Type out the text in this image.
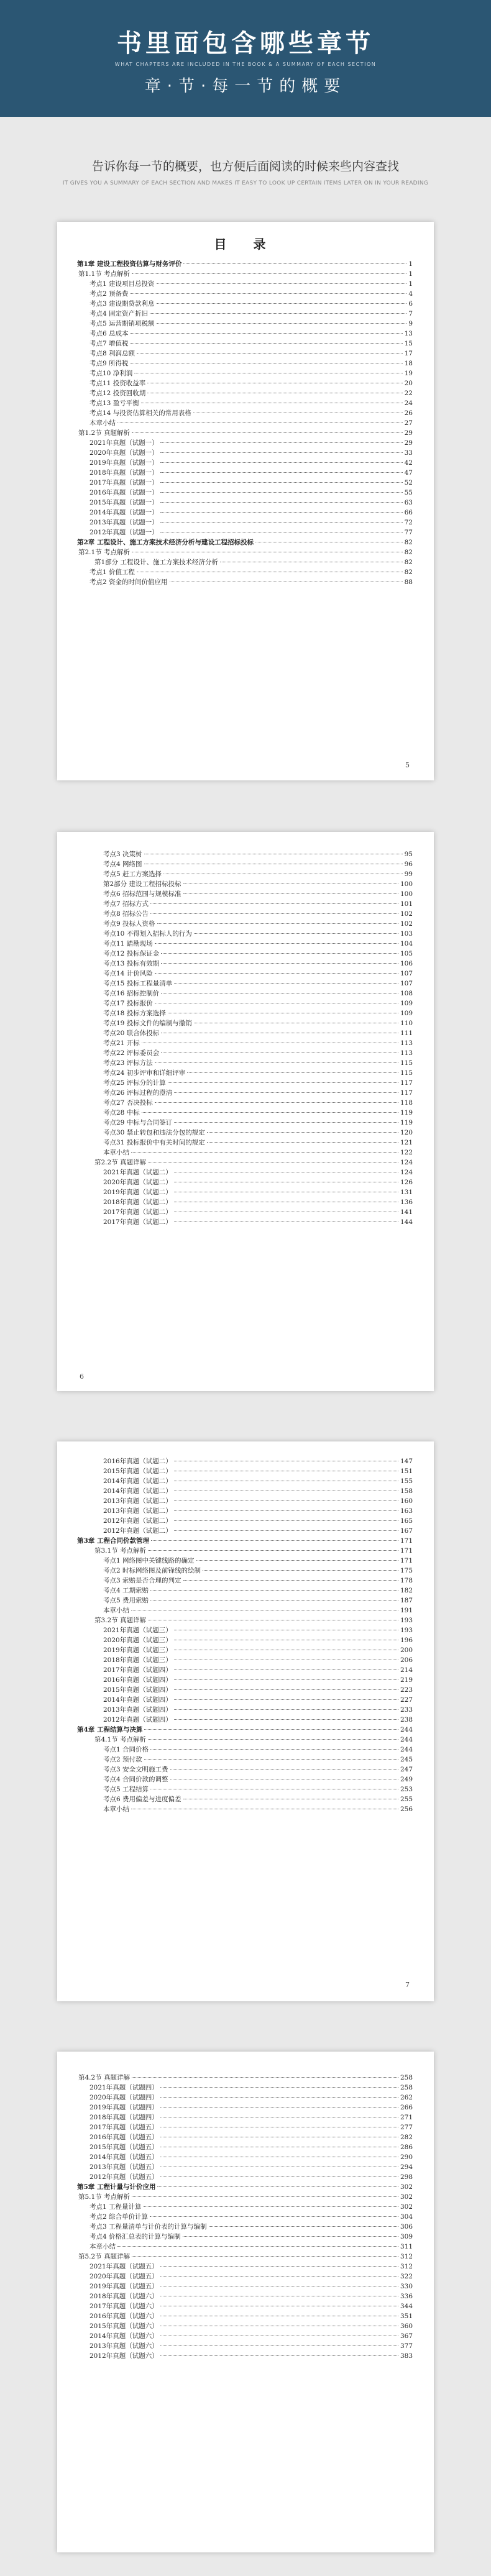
书里面包含哪些章节
WHAT CHAPTERS ARE INCLUDED IN THE BOOK & A SUMMARY OF EACH SECTION
章·节·每一节的概要
告诉你每一节的概要，也方便后面阅读的时候来些内容查找
IT GIVES YOU A SUMMARY OF EACH SECTION AND MAKES IT EASY TO LOOK UP CERTAIN ITEMS LATER ON IN YOUR READING
目 录
第1章 建设工程投资估算与财务评价	1
第1.1节 考点解析	1
考点1 建设项目总投资	1
考点2 预备费	4
考点3 建设期贷款利息	6
考点4 固定资产折旧	7
考点5 运营期销项税额	9
考点6 总成本	13
考点7 增值税	15
考点8 利润总额	17
考点9 所得税	18
考点10 净利润	19
考点11 投资收益率	20
考点12 投资回收期	22
考点13 盈亏平衡	24
考点14 与投资估算相关的常用表格	26
本章小结	27
第1.2节 真题解析	29
2021年真题（试题一）	29
2020年真题（试题一）	33
2019年真题（试题一）	42
2018年真题（试题一）	47
2017年真题（试题一）	52
2016年真题（试题一）	55
2015年真题（试题一）	63
2014年真题（试题一）	66
2013年真题（试题一）	72
2012年真题（试题一）	77
第2章 工程设计、施工方案技术经济分析与建设工程招标投标	82
第2.1节 考点解析	82
第1部分 工程设计、施工方案技术经济分析	82
考点1 价值工程	82
考点2 资金的时间价值应用	88
5
考点3 决策树	95
考点4 网络图	96
考点5 赶工方案选择	99
第2部分 建设工程招标投标	100
考点6 招标范围与规模标准	100
考点7 招标方式	101
考点8 招标公告	102
考点9 投标人资格	102
考点10 不得划入招标人的行为	103
考点11 踏勘现场	104
考点12 投标保证金	105
考点13 投标有效期	106
考点14 计价风险	107
考点15 投标工程量清单	107
考点16 招标控制价	108
考点17 投标报价	109
考点18 投标方案选择	109
考点19 投标文件的编制与撤销	110
考点20 联合体投标	111
考点21 开标	113
考点22 评标委员会	113
考点23 评标方法	115
考点24 初步评审和详细评审	115
考点25 评标分的计算	117
考点26 评标过程的澄清	117
考点27 否决投标	118
考点28 中标	119
考点29 中标与合同签订	119
考点30 禁止转包和违法分包的规定	120
考点31 投标报价中有关时间的规定	121
本章小结	122
第2.2节 真题详解	124
2021年真题（试题二）	124
2020年真题（试题二）	126
2019年真题（试题二）	131
2018年真题（试题二）	136
2017年真题（试题二）	141
2017年真题（试题二）	144
6
2016年真题（试题二）	147
2015年真题（试题二）	151
2014年真题（试题二）	155
2014年真题（试题二）	158
2013年真题（试题二）	160
2013年真题（试题二）	163
2012年真题（试题二）	165
2012年真题（试题二）	167
第3章 工程合同价款管理	171
第3.1节 考点解析	171
考点1 网络图中关键线路的确定	171
考点2 时标网络图及前锋线的绘制	175
考点3 索赔是否合理的判定	178
考点4 工期索赔	182
考点5 费用索赔	187
本章小结	191
第3.2节 真题详解	193
2021年真题（试题三）	193
2020年真题（试题三）	196
2019年真题（试题三）	200
2018年真题（试题三）	206
2017年真题（试题四）	214
2016年真题（试题四）	219
2015年真题（试题四）	223
2014年真题（试题四）	227
2013年真题（试题四）	233
2012年真题（试题四）	238
第4章 工程结算与决算	244
第4.1节 考点解析	244
考点1 合同价格	244
考点2 预付款	245
考点3 安全文明施工费	247
考点4 合同价款的调整	249
考点5 工程结算	253
考点6 费用偏差与进度偏差	255
本章小结	256
7
第4.2节 真题详解	258
2021年真题（试题四）	258
2020年真题（试题四）	262
2019年真题（试题四）	266
2018年真题（试题四）	271
2017年真题（试题五）	277
2016年真题（试题五）	282
2015年真题（试题五）	286
2014年真题（试题五）	290
2013年真题（试题五）	294
2012年真题（试题五）	298
第5章 工程计量与计价应用	302
第5.1节 考点解析	302
考点1 工程量计算	302
考点2 综合单价计算	304
考点3 工程量清单与计价表的计算与编制	306
考点4 价格汇总表的计算与编制	309
本章小结	311
第5.2节 真题详解	312
2021年真题（试题五）	312
2020年真题（试题五）	322
2019年真题（试题五）	330
2018年真题（试题六）	336
2017年真题（试题六）	344
2016年真题（试题六）	351
2015年真题（试题六）	360
2014年真题（试题六）	367
2013年真题（试题六）	377
2012年真题（试题六）	383
